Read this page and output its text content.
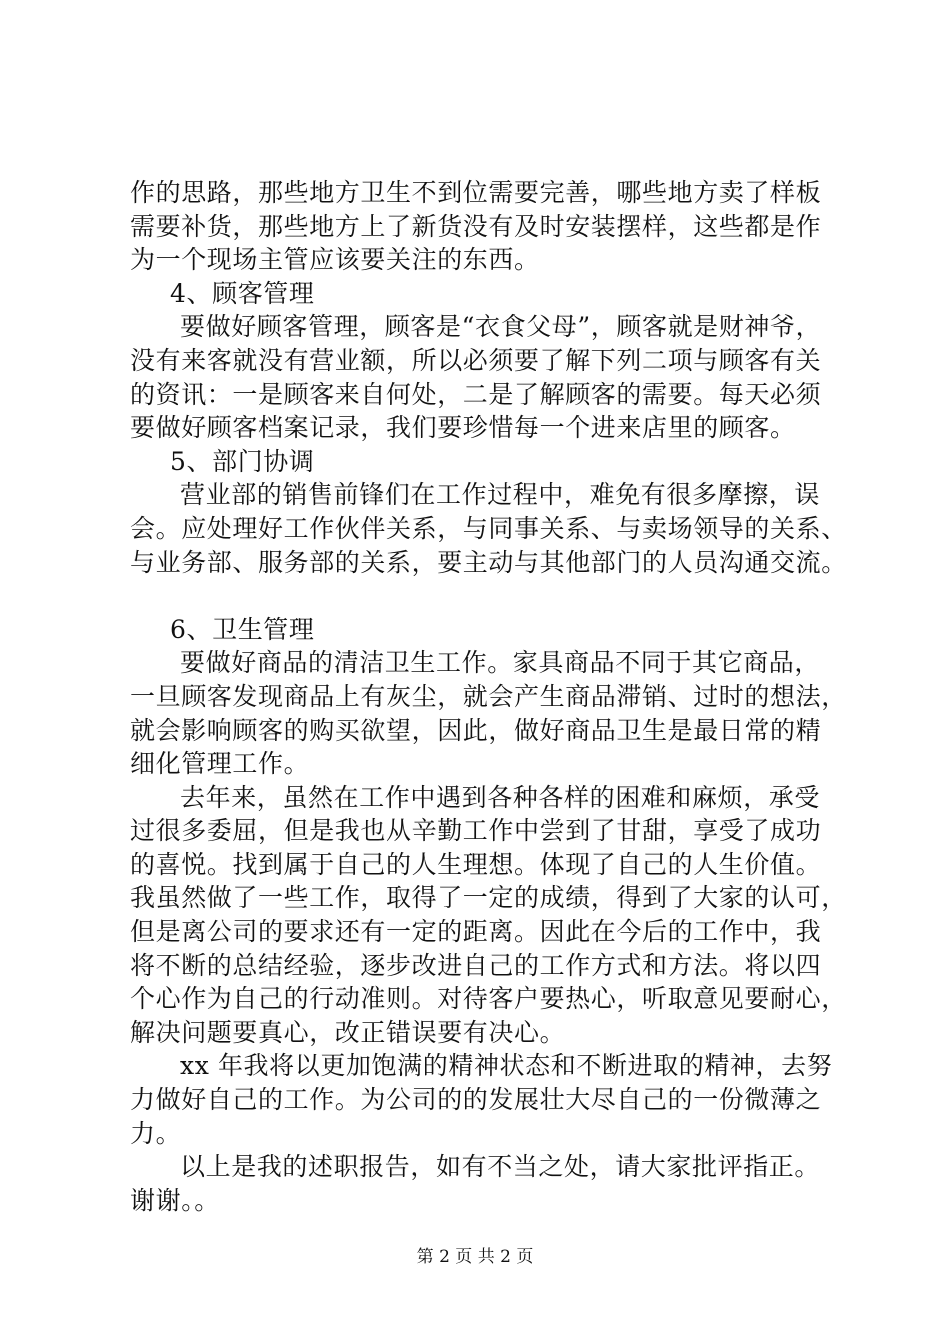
作的思路，那些地方卫生不到位需要完善，哪些地方卖了样板
需要补货，那些地方上了新货没有及时安装摆样，这些都是作
为一个现场主管应该要关注的东西。
4、顾客管理
要做好顾客管理，顾客是“衣食父母”，顾客就是财神爷，
没有来客就没有营业额，所以必须要了解下列二项与顾客有关
的资讯：一是顾客来自何处，二是了解顾客的需要。每天必须
要做好顾客档案记录，我们要珍惜每一个进来店里的顾客。
5、部门协调
营业部的销售前锋们在工作过程中，难免有很多摩擦，误
会。应处理好工作伙伴关系，与同事关系、与卖场领导的关系、
与业务部、服务部的关系，要主动与其他部门的人员沟通交流。
6、卫生管理
要做好商品的清洁卫生工作。家具商品不同于其它商品，
一旦顾客发现商品上有灰尘，就会产生商品滞销、过时的想法，
就会影响顾客的购买欲望，因此，做好商品卫生是最日常的精
细化管理工作。
去年来，虽然在工作中遇到各种各样的困难和麻烦，承受
过很多委屈，但是我也从辛勤工作中尝到了甘甜，享受了成功
的喜悦。找到属于自己的人生理想。体现了自己的人生价值。
我虽然做了一些工作，取得了一定的成绩，得到了大家的认可，
但是离公司的要求还有一定的距离。因此在今后的工作中，我
将不断的总结经验，逐步改进自己的工作方式和方法。将以四
个心作为自己的行动准则。对待客户要热心，听取意见要耐心，
解决问题要真心，改正错误要有决心。
xx 年我将以更加饱满的精神状态和不断进取的精神，去努
力做好自己的工作。为公司的的发展壮大尽自己的一份微薄之
力。
以上是我的述职报告，如有不当之处，请大家批评指正。
谢谢。。
第 2 页 共 2 页
